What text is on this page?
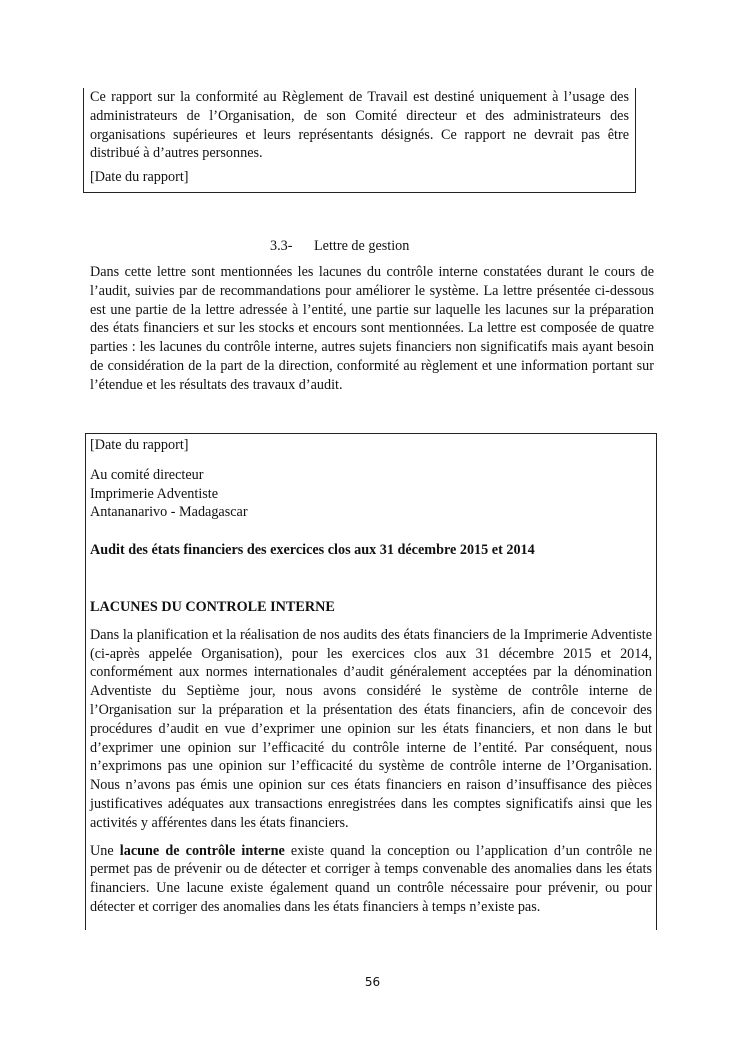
Ce rapport sur la conformité au Règlement de Travail est destiné uniquement à l’usage des administrateurs de l’Organisation, de son Comité directeur et des administrateurs des organisations supérieures et leurs représentants désignés. Ce rapport ne devrait pas être distribué à d’autres personnes.

[Date du rapport]

3.3- Lettre de gestion

Dans cette lettre sont mentionnées les lacunes du contrôle interne constatées durant le cours de l’audit, suivies par de recommandations pour améliorer le système. La lettre présentée ci-dessous est une partie de la lettre adressée à l’entité, une partie sur laquelle les lacunes sur la préparation des états financiers et sur les stocks et encours sont mentionnées. La lettre est composée de quatre parties : les lacunes du contrôle interne, autres sujets financiers non significatifs mais ayant besoin de considération de la part de la direction, conformité au règlement et une information portant sur l’étendue et les résultats des travaux d’audit.

[Date du rapport]

Au comité directeur
Imprimerie Adventiste
Antananarivo - Madagascar

Audit des états financiers des exercices clos aux 31 décembre 2015 et 2014

LACUNES DU CONTROLE INTERNE

Dans la planification et la réalisation de nos audits des états financiers de la Imprimerie Adventiste (ci-après appelée Organisation), pour les exercices clos aux 31 décembre 2015 et 2014, conformément aux normes internationales d’audit généralement acceptées par la dénomination Adventiste du Septième jour, nous avons considéré le système de contrôle interne de l’Organisation sur la préparation et la présentation des états financiers, afin de concevoir des procédures d’audit en vue d’exprimer une opinion sur les états financiers, et non dans le but d’exprimer une opinion sur l’efficacité du contrôle interne de l’entité. Par conséquent, nous n’exprimons pas une opinion sur l’efficacité du système de contrôle interne de l’Organisation. Nous n’avons pas émis une opinion sur ces états financiers en raison d’insuffisance des pièces justificatives adéquates aux transactions enregistrées dans les comptes significatifs ainsi que les activités y afférentes dans les états financiers.

Une lacune de contrôle interne existe quand la conception ou l’application d’un contrôle ne permet pas de prévenir ou de détecter et corriger à temps convenable des anomalies dans les états financiers. Une lacune existe également quand un contrôle nécessaire pour prévenir, ou pour détecter et corriger des anomalies dans les états financiers à temps n’existe pas.

56
